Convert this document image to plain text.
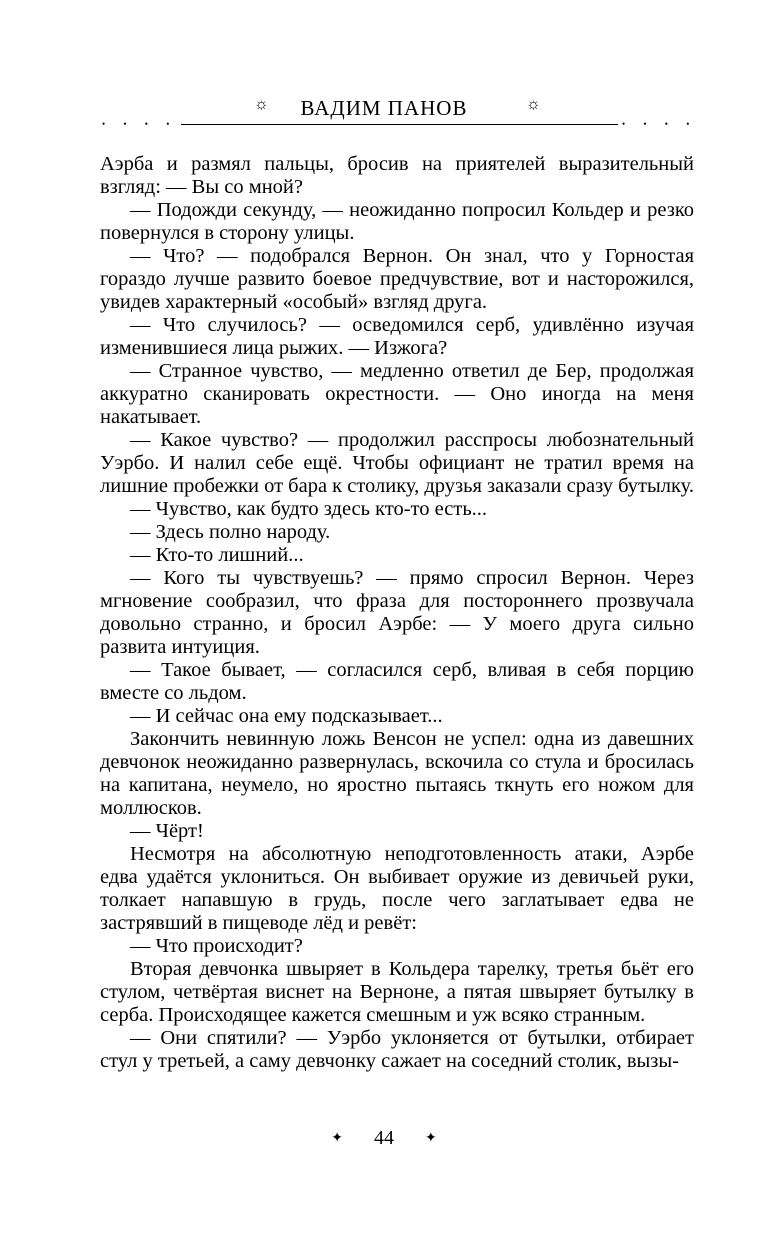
☼	ВАДИМ ПАНОВ	☼
• • • •	• • • •

Аэрба и размял пальцы, бросив на приятелей выразительный взгляд: — Вы со мной?

— Подожди секунду, — неожиданно попросил Кольдер и резко повернулся в сторону улицы.

— Что? — подобрался Вернон. Он знал, что у Горностая гораздо лучше развито боевое предчувствие, вот и насторожился, увидев характерный «особый» взгляд друга.

— Что случилось? — осведомился серб, удивлённо изучая изменившиеся лица рыжих. — Изжога?

— Странное чувство, — медленно ответил де Бер, продолжая аккуратно сканировать окрестности. — Оно иногда на меня накатывает.

— Какое чувство? — продолжил расспросы любознательный Уэрбо. И налил себе ещё. Чтобы официант не тратил время на лишние пробежки от бара к столику, друзья заказали сразу бутылку.

— Чувство, как будто здесь кто-то есть...

— Здесь полно народу.

— Кто-то лишний...

— Кого ты чувствуешь? — прямо спросил Вернон. Через мгновение сообразил, что фраза для постороннего прозвучала довольно странно, и бросил Аэрбе: — У моего друга сильно развита интуиция.

— Такое бывает, — согласился серб, вливая в себя порцию вместе со льдом.

— И сейчас она ему подсказывает...

Закончить невинную ложь Венсон не успел: одна из давешних девчонок неожиданно развернулась, вскочила со стула и бросилась на капитана, неумело, но яростно пытаясь ткнуть его ножом для моллюсков.

— Чёрт!

Несмотря на абсолютную неподготовленность атаки, Аэрбе едва удаётся уклониться. Он выбивает оружие из девичьей руки, толкает напавшую в грудь, после чего заглатывает едва не застрявший в пищеводе лёд и ревёт:

— Что происходит?

Вторая девчонка швыряет в Кольдера тарелку, третья бьёт его стулом, четвёртая виснет на Верноне, а пятая швыряет бутылку в серба. Происходящее кажется смешным и уж всяко странным.

— Они спятили? — Уэрбо уклоняется от бутылки, отбирает стул у третьей, а саму девчонку сажает на соседний столик, вызы-

✦ 44 ✦
